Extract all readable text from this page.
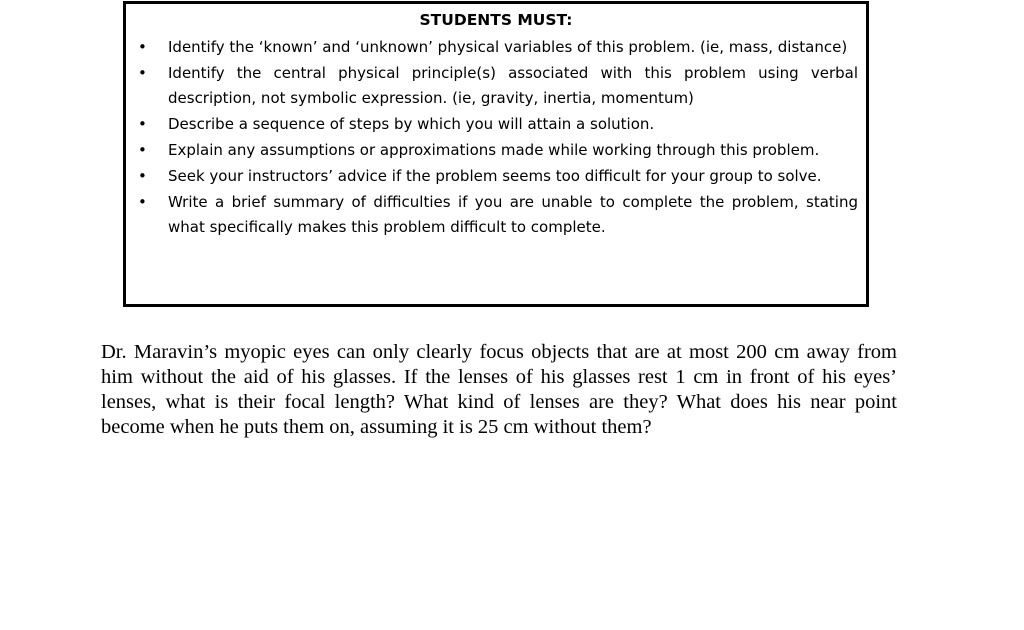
STUDENTS MUST:
• Identify the ‘known’ and ‘unknown’ physical variables of this problem. (ie, mass, distance)
• Identify the central physical principle(s) associated with this problem using verbal description, not symbolic expression. (ie, gravity, inertia, momentum)
• Describe a sequence of steps by which you will attain a solution.
• Explain any assumptions or approximations made while working through this problem.
• Seek your instructors’ advice if the problem seems too difficult for your group to solve.
• Write a brief summary of difficulties if you are unable to complete the problem, stating what specifically makes this problem difficult to complete.

Dr. Maravin’s myopic eyes can only clearly focus objects that are at most 200 cm away from him without the aid of his glasses. If the lenses of his glasses rest 1 cm in front of his eyes’ lenses, what is their focal length? What kind of lenses are they? What does his near point become when he puts them on, assuming it is 25 cm without them?
